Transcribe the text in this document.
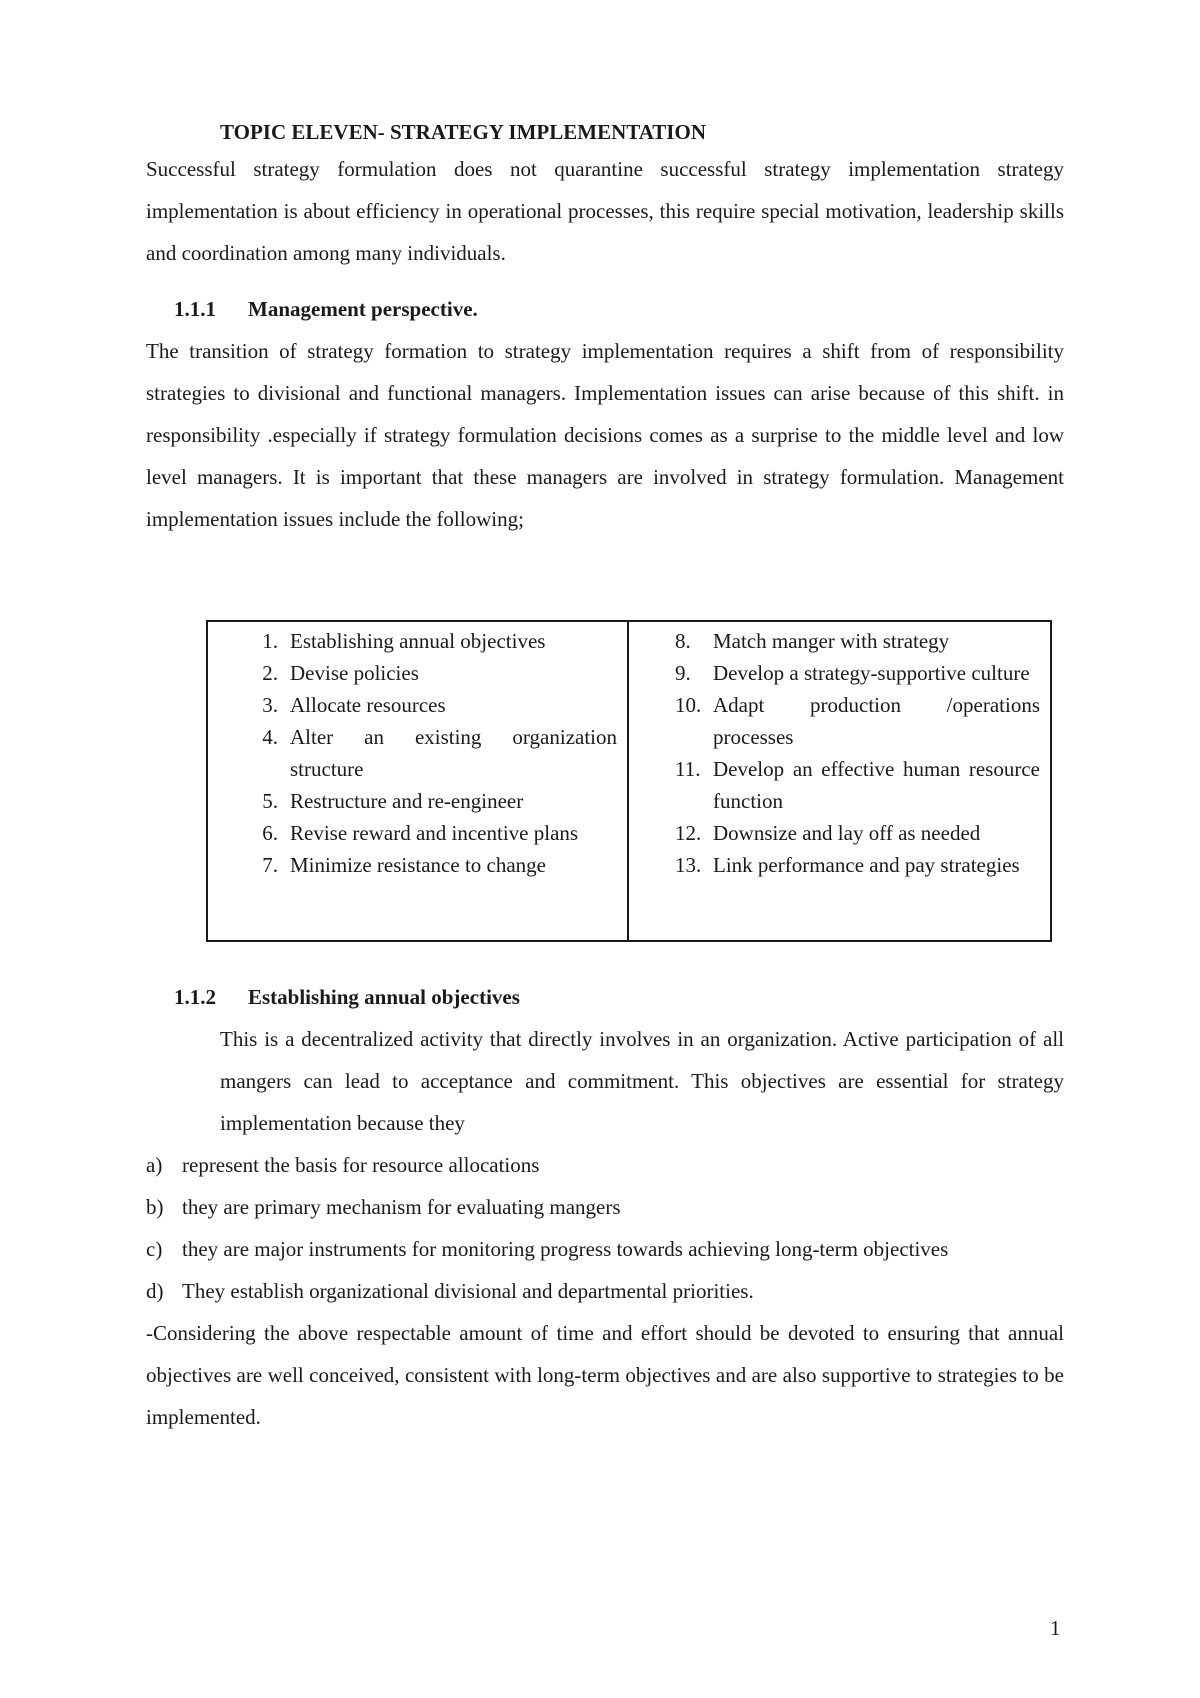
TOPIC ELEVEN- STRATEGY IMPLEMENTATION

Successful strategy formulation does not quarantine successful strategy implementation strategy implementation is about efficiency in operational processes, this require special motivation, leadership skills and coordination among many individuals.

1.1.1	Management perspective.

The transition of strategy formation to strategy implementation requires a shift from of responsibility strategies to divisional and functional managers. Implementation issues can arise because of this shift. in responsibility .especially if strategy formulation decisions comes as a surprise to the middle level and low level managers. It is important that these managers are involved in strategy formulation. Management implementation issues include the following;

1. Establishing annual objectives
2. Devise policies
3. Allocate resources
4. Alter an existing organization structure
5. Restructure and re-engineer
6. Revise reward and incentive plans
7. Minimize resistance to change
8.	Match manger with strategy
9.	Develop a strategy-supportive culture
10. Adapt production /operations processes
11. Develop an effective human resource function
12. Downsize and lay off as needed
13. Link performance and pay strategies
1.1.2	Establishing annual objectives

This is a decentralized activity that directly involves in an organization. Active participation of all mangers can lead to acceptance and commitment. This objectives are essential for strategy implementation because they

a) represent the basis for resource allocations
b) they are primary mechanism for evaluating mangers
c) they are major instruments for monitoring progress towards achieving long-term objectives
d) They establish organizational divisional and departmental priorities.

-Considering the above respectable amount of time and effort should be devoted to ensuring that annual objectives are well conceived, consistent with long-term objectives and are also supportive to strategies to be implemented.

1
